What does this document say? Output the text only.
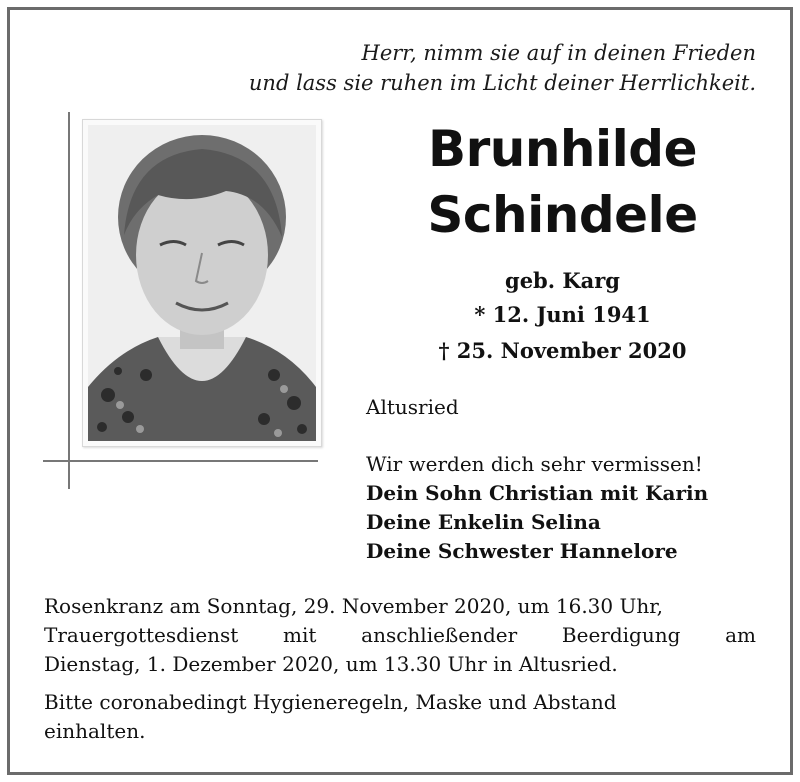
Herr, nimm sie auf in deinen Frieden
und lass sie ruhen im Licht deiner Herrlichkeit.
Brunhilde
Schindele
geb. Karg
* 12. Juni 1941
† 25. November 2020
Altusried
Wir werden dich sehr vermissen!
Dein Sohn Christian mit Karin
Deine Enkelin Selina
Deine Schwester Hannelore

Rosenkranz am Sonntag, 29. November 2020, um 16.30 Uhr,

Trauergottesdienst mit anschließender Beerdigung am

Dienstag, 1. Dezember 2020, um 13.30 Uhr in Altusried.

Bitte coronabedingt Hygieneregeln, Maske und Abstand
einhalten.
